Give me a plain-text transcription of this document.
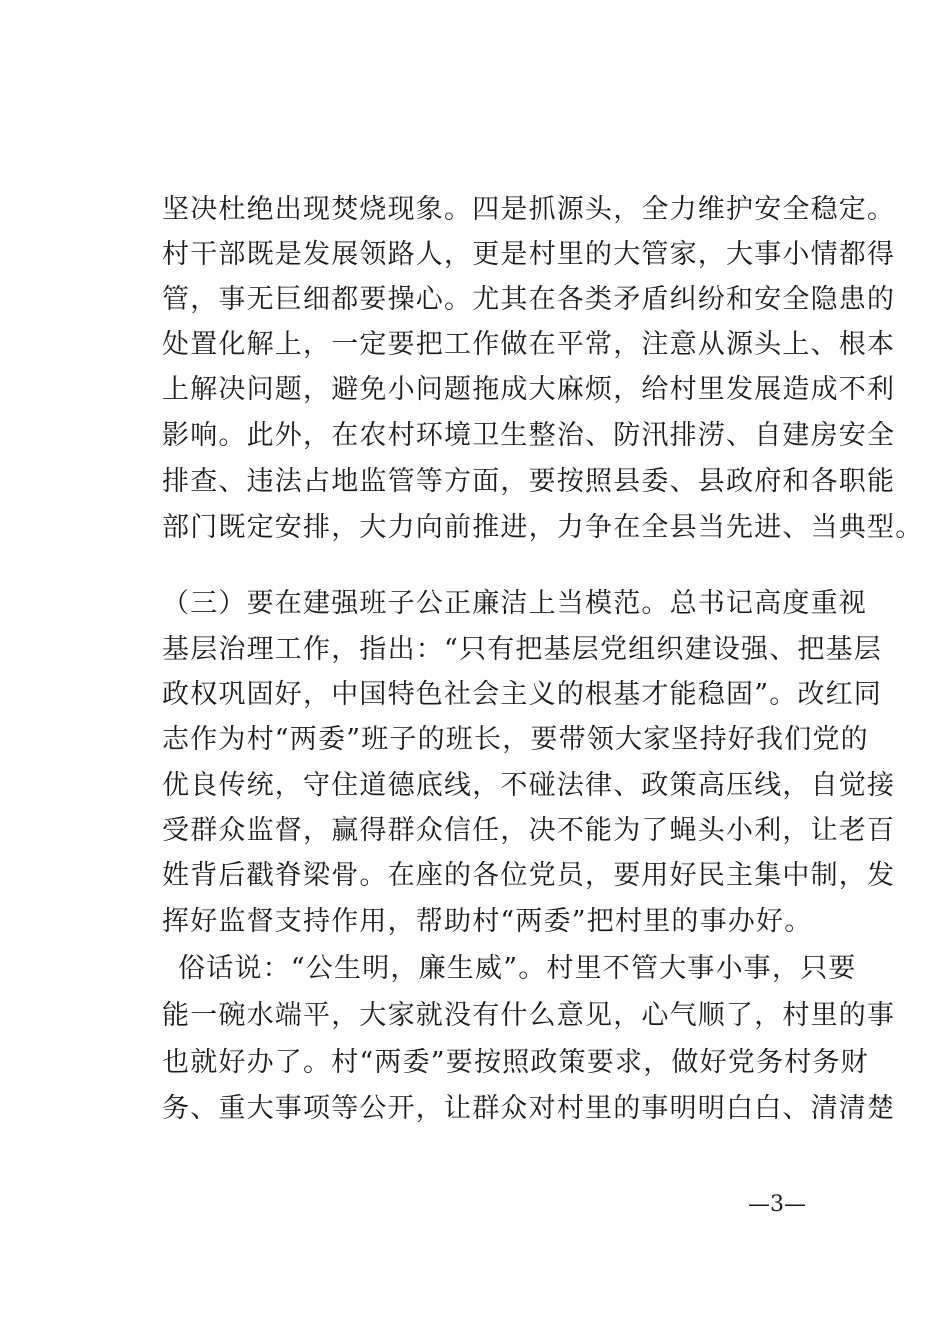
坚决杜绝出现焚烧现象。四是抓源头，全力维护安全稳定。
村干部既是发展领路人，更是村里的大管家，大事小情都得
管，事无巨细都要操心。尤其在各类矛盾纠纷和安全隐患的
处置化解上，一定要把工作做在平常，注意从源头上、根本
上解决问题，避免小问题拖成大麻烦，给村里发展造成不利
影响。此外，在农村环境卫生整治、防汛排涝、自建房安全
排查、违法占地监管等方面，要按照县委、县政府和各职能
部门既定安排，大力向前推进，力争在全县当先进、当典型。
（三）要在建强班子公正廉洁上当模范。总书记高度重视
基层治理工作，指出：“只有把基层党组织建设强、把基层
政权巩固好，中国特色社会主义的根基才能稳固”。改红同
志作为村“两委”班子的班长，要带领大家坚持好我们党的
优良传统，守住道德底线，不碰法律、政策高压线，自觉接
受群众监督，赢得群众信任，决不能为了蝇头小利，让老百
姓背后戳脊梁骨。在座的各位党员，要用好民主集中制，发
挥好监督支持作用，帮助村“两委”把村里的事办好。
俗话说：“公生明，廉生威”。村里不管大事小事，只要
能一碗水端平，大家就没有什么意见，心气顺了，村里的事
也就好办了。村“两委”要按照政策要求，做好党务村务财
务、重大事项等公开，让群众对村里的事明明白白、清清楚
—3—
